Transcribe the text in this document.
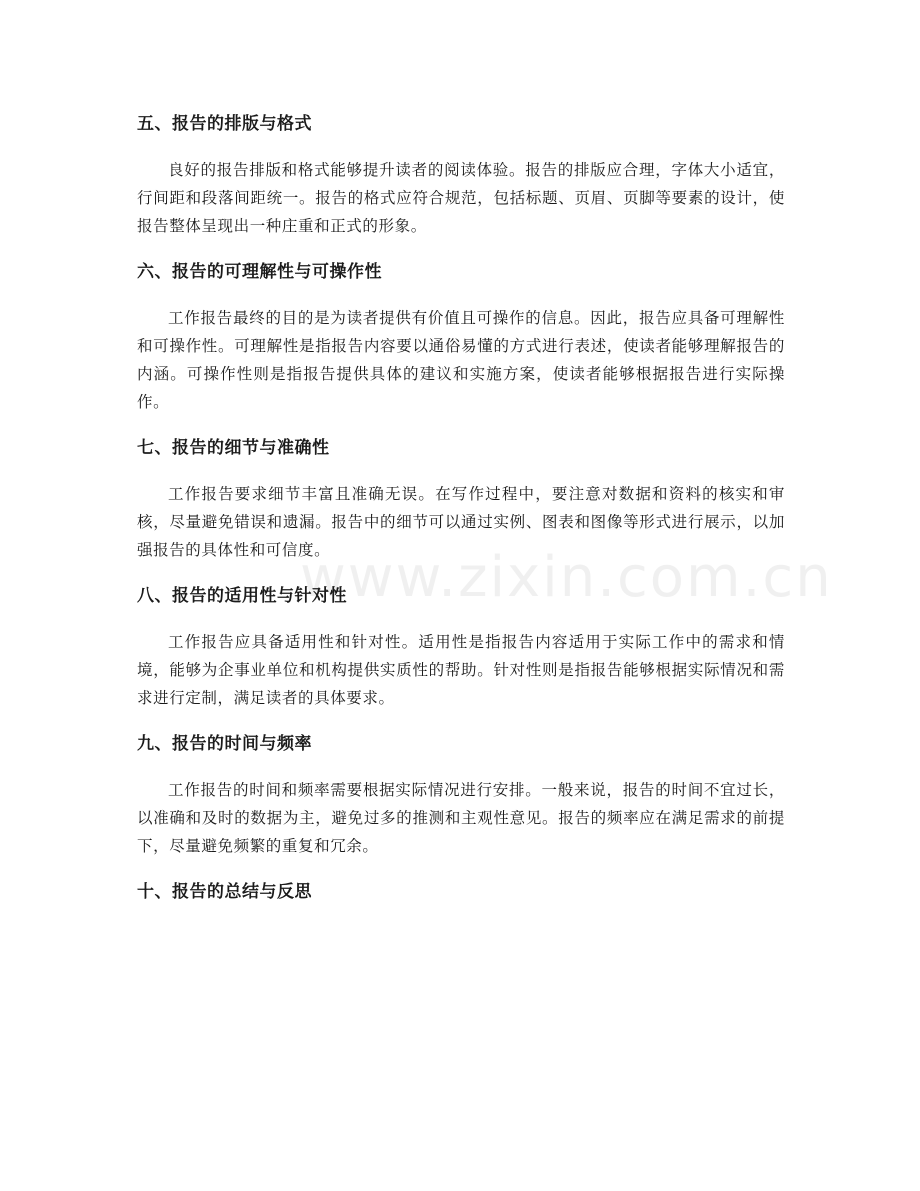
www.zixin.com.cn
五、报告的排版与格式

良好的报告排版和格式能够提升读者的阅读体验。报告的排版应合理，字体大小适宜，行间距和段落间距统一。报告的格式应符合规范，包括标题、页眉、页脚等要素的设计，使报告整体呈现出一种庄重和正式的形象。

六、报告的可理解性与可操作性

工作报告最终的目的是为读者提供有价值且可操作的信息。因此，报告应具备可理解性和可操作性。可理解性是指报告内容要以通俗易懂的方式进行表述，使读者能够理解报告的内涵。可操作性则是指报告提供具体的建议和实施方案，使读者能够根据报告进行实际操作。

七、报告的细节与准确性

工作报告要求细节丰富且准确无误。在写作过程中，要注意对数据和资料的核实和审核，尽量避免错误和遗漏。报告中的细节可以通过实例、图表和图像等形式进行展示，以加强报告的具体性和可信度。

八、报告的适用性与针对性

工作报告应具备适用性和针对性。适用性是指报告内容适用于实际工作中的需求和情境，能够为企事业单位和机构提供实质性的帮助。针对性则是指报告能够根据实际情况和需求进行定制，满足读者的具体要求。

九、报告的时间与频率

工作报告的时间和频率需要根据实际情况进行安排。一般来说，报告的时间不宜过长，以准确和及时的数据为主，避免过多的推测和主观性意见。报告的频率应在满足需求的前提下，尽量避免频繁的重复和冗余。

十、报告的总结与反思
